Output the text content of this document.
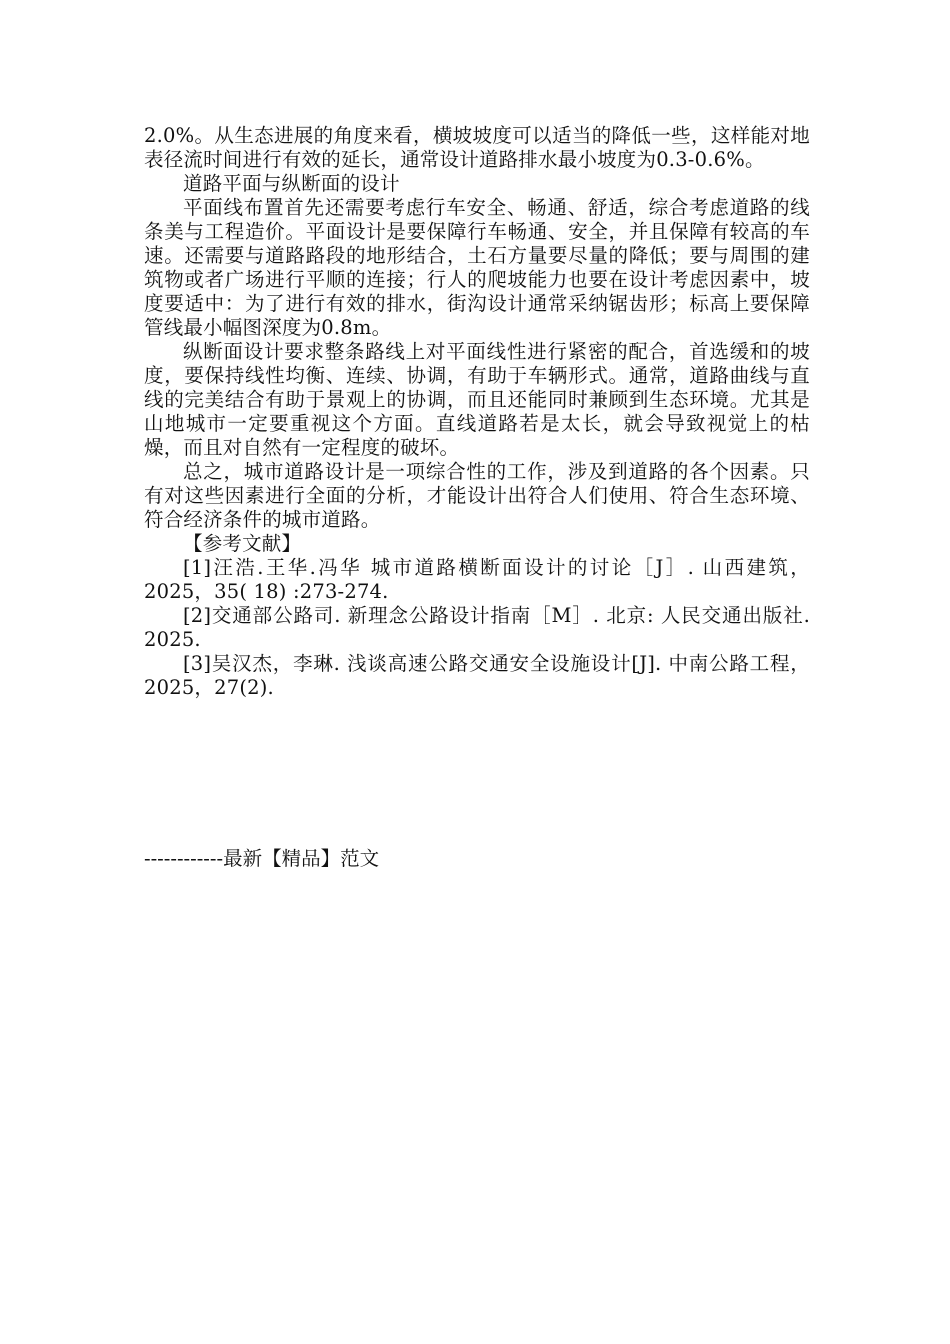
2.0%。从生态进展的角度来看，横坡坡度可以适当的降低一些，这样能对地表径流时间进行有效的延长，通常设计道路排水最小坡度为0.3-0.6%。

道路平面与纵断面的设计

平面线布置首先还需要考虑行车安全、畅通、舒适，综合考虑道路的线条美与工程造价。平面设计是要保障行车畅通、安全，并且保障有较高的车速。还需要与道路路段的地形结合，土石方量要尽量的降低；要与周围的建筑物或者广场进行平顺的连接；行人的爬坡能力也要在设计考虑因素中，坡度要适中：为了进行有效的排水，街沟设计通常采纳锯齿形；标高上要保障管线最小幅图深度为0.8m。

纵断面设计要求整条路线上对平面线性进行紧密的配合，首选缓和的坡度，要保持线性均衡、连续、协调，有助于车辆形式。通常，道路曲线与直线的完美结合有助于景观上的协调，而且还能同时兼顾到生态环境。尤其是山地城市一定要重视这个方面。直线道路若是太长，就会导致视觉上的枯燥，而且对自然有一定程度的破坏。

总之，城市道路设计是一项综合性的工作，涉及到道路的各个因素。只有对这些因素进行全面的分析，才能设计出符合人们使用、符合生态环境、符合经济条件的城市道路。

【参考文献】

[1]汪浩.王华.冯华 城市道路横断面设计的讨论［J］. 山西建筑，2025，35( 18) :273-274.

[2]交通部公路司. 新理念公路设计指南［M］. 北京: 人民交通出版社. 2025.

[3]吴汉杰，李琳. 浅谈高速公路交通安全设施设计[J]. 中南公路工程，2025，27(2).

------------最新【精品】范文
